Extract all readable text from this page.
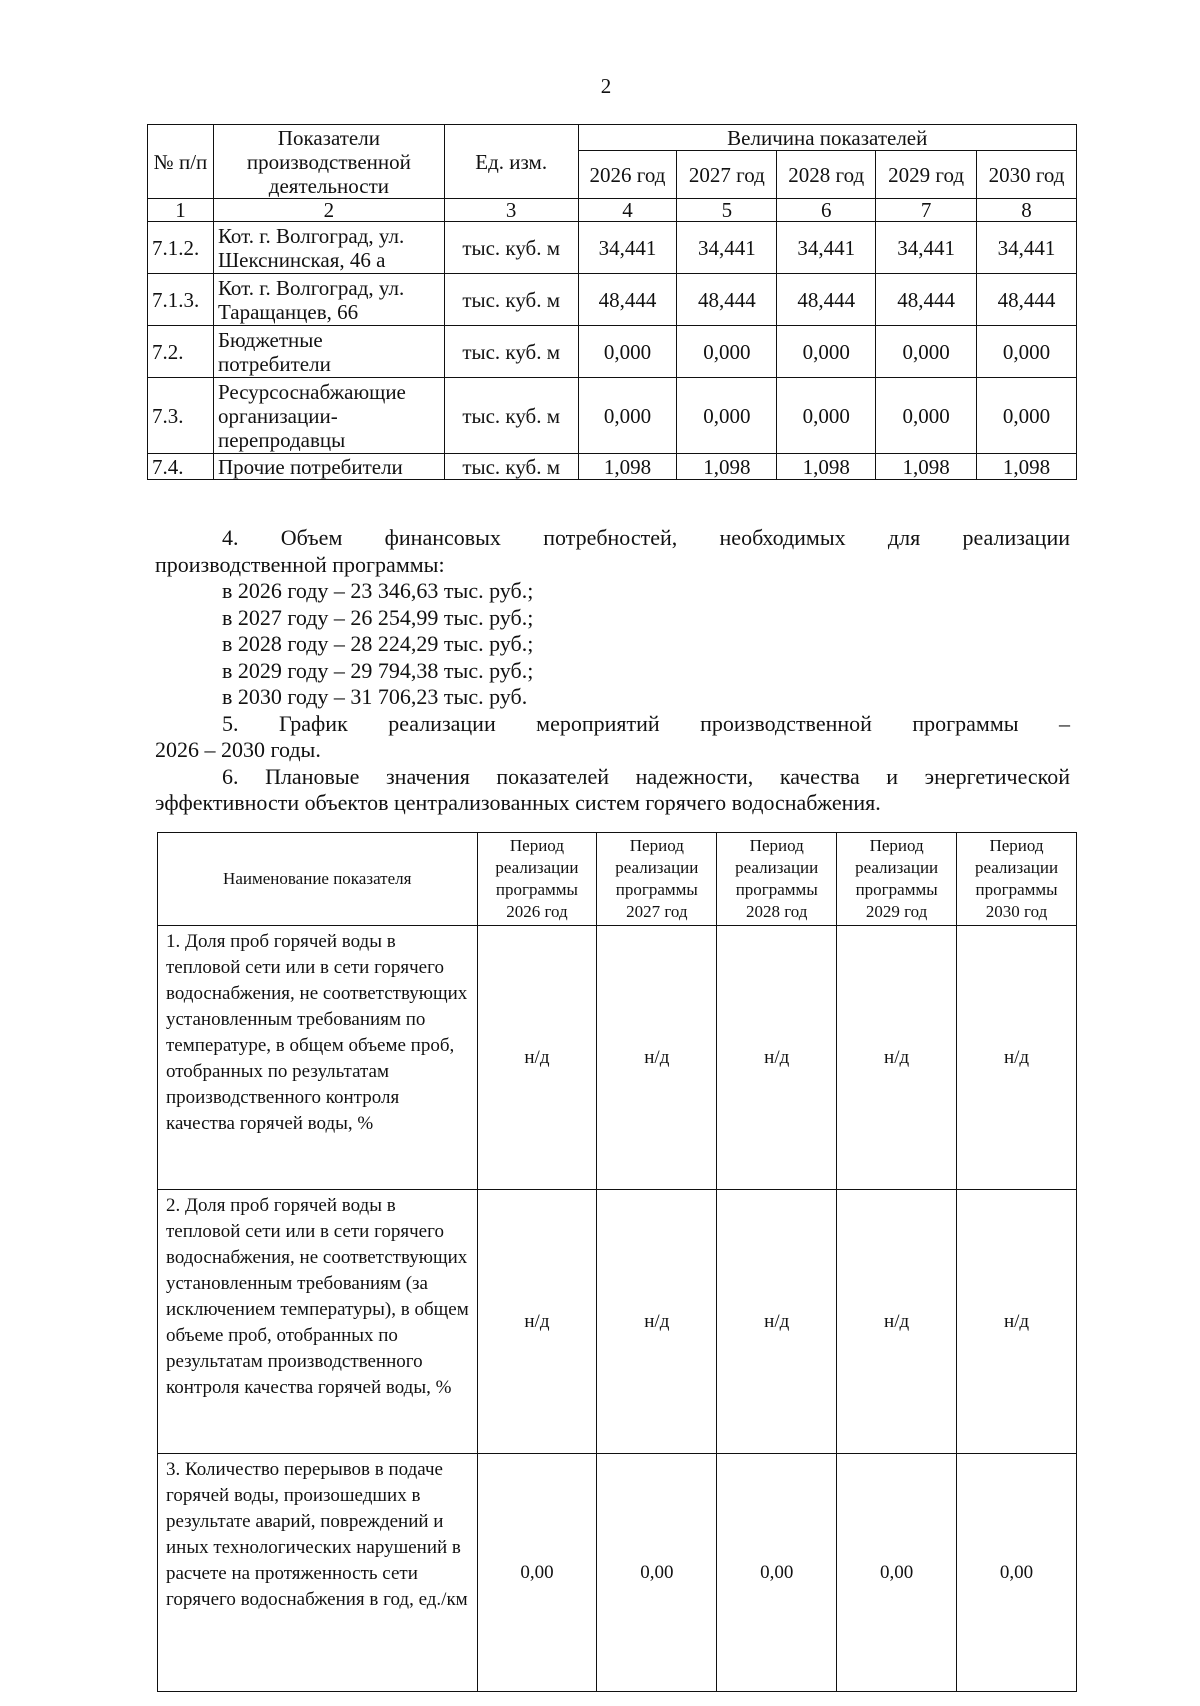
2
№ п/п	Показатели производственной деятельности	Ед. изм.	Величина показателей				
			2026 год	2027 год	2028 год	2029 год	2030 год
1	2	3	4	5	6	7	8
7.1.2.	Кот. г. Волгоград, ул. Шекснинская, 46 а	тыс. куб. м	34,441	34,441	34,441	34,441	34,441
7.1.3.	Кот. г. Волгоград, ул. Таращанцев, 66	тыс. куб. м	48,444	48,444	48,444	48,444	48,444
7.2.	Бюджетные потребители	тыс. куб. м	0,000	0,000	0,000	0,000	0,000
7.3.	Ресурсоснабжающие организации-перепродавцы	тыс. куб. м	0,000	0,000	0,000	0,000	0,000
7.4.	Прочие потребители	тыс. куб. м	1,098	1,098	1,098	1,098	1,098

4. Объем финансовых потребностей, необходимых для реализации

производственной программы:

в 2026 году – 23 346,63 тыс. руб.;

в 2027 году – 26 254,99 тыс. руб.;

в 2028 году – 28 224,29 тыс. руб.;

в 2029 году – 29 794,38 тыс. руб.;

в 2030 году – 31 706,23 тыс. руб.

5. График реализации мероприятий производственной программы –

2026 – 2030 годы.

6. Плановые значения показателей надежности, качества и энергетической

эффективности объектов централизованных систем горячего водоснабжения.

Наименование показателя	Период реализации программы 2026 год	Период реализации программы 2027 год	Период реализации программы 2028 год	Период реализации программы 2029 год	Период реализации программы 2030 год
1. Доля проб горячей воды в тепловой сети или в сети горячего водоснабжения, не соответствующих установленным требованиям по температуре, в общем объеме проб, отобранных по результатам производственного контроля качества горячей воды, %	н/д	н/д	н/д	н/д	н/д
2. Доля проб горячей воды в тепловой сети или в сети горячего водоснабжения, не соответствующих установленным требованиям (за исключением температуры), в общем объеме проб, отобранных по результатам производственного контроля качества горячей воды, %	н/д	н/д	н/д	н/д	н/д
3. Количество перерывов в подаче горячей воды, произошедших в результате аварий, повреждений и иных технологических нарушений в расчете на протяженность сети горячего водоснабжения в год, ед./км	0,00	0,00	0,00	0,00	0,00
